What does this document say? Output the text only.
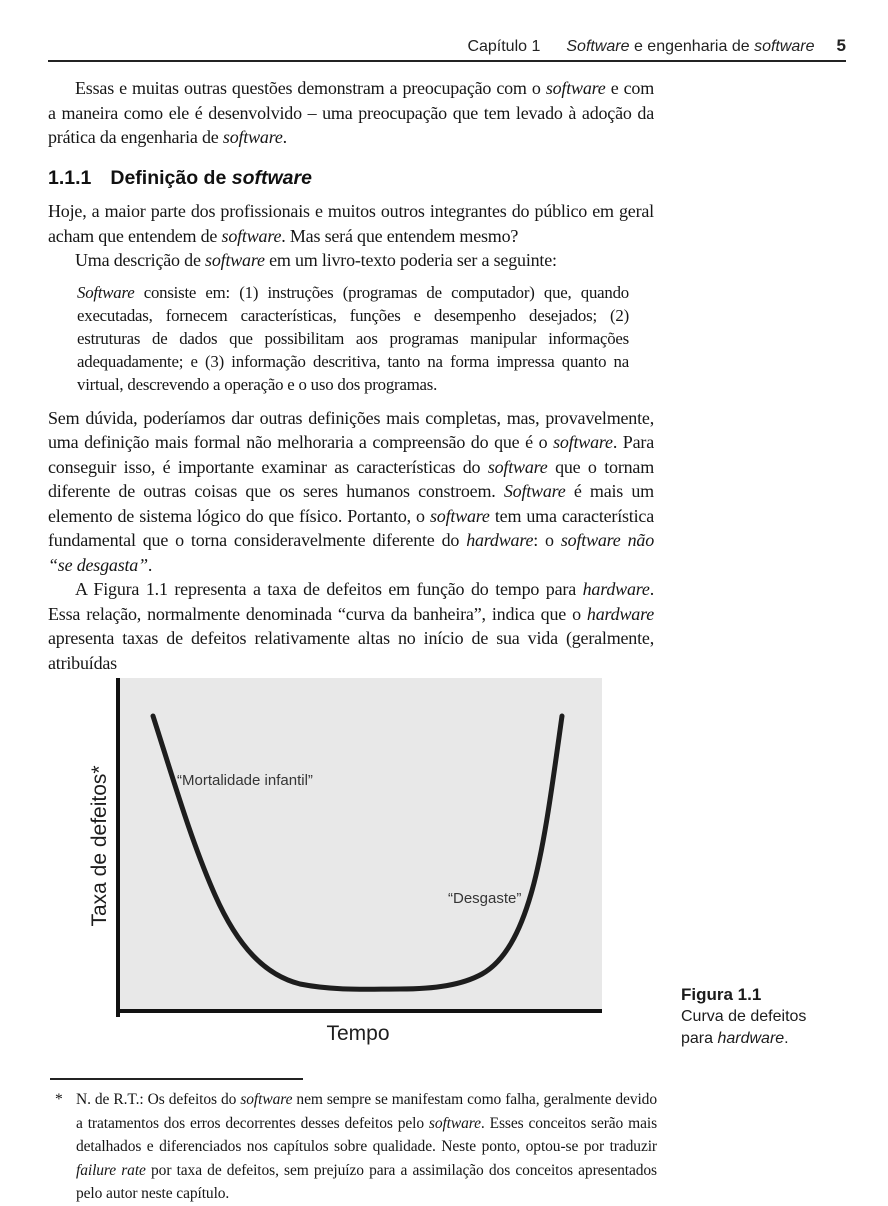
Capítulo 1 Software e engenharia de software 5

Essas e muitas outras questões demonstram a preocupação com o software e com a maneira como ele é desenvolvido – uma preocupação que tem levado à adoção da prática da engenharia de software.

1.1.1 Definição de software

Hoje, a maior parte dos profissionais e muitos outros integrantes do público em geral acham que entendem de software. Mas será que entendem mesmo?

Uma descrição de software em um livro-texto poderia ser a seguinte:

Software consiste em: (1) instruções (programas de computador) que, quando executadas, fornecem características, funções e desempenho desejados; (2) estruturas de dados que possibilitam aos programas manipular informações adequadamente; e (3) informação descritiva, tanto na forma impressa quanto na virtual, descrevendo a operação e o uso dos programas.

Sem dúvida, poderíamos dar outras definições mais completas, mas, provavelmente, uma definição mais formal não melhoraria a compreensão do que é o software. Para conseguir isso, é importante examinar as características do software que o tornam diferente de outras coisas que os seres humanos constroem. Software é mais um elemento de sistema lógico do que físico. Portanto, o software tem uma característica fundamental que o torna consideravelmente diferente do hardware: o software não “se desgasta”.

A Figura 1.1 representa a taxa de defeitos em função do tempo para hardware. Essa relação, normalmente denominada “curva da banheira”, indica que o hardware apresenta taxas de defeitos relativamente altas no início de sua vida (geralmente, atribuídas

Taxa de defeitos*
Tempo
“Mortalidade infantil”
“Desgaste”
Figura 1.1
Curva de defeitos para hardware.
* N. de R.T.: Os defeitos do software nem sempre se manifestam como falha, geralmente devido a tratamentos dos erros decorrentes desses defeitos pelo software. Esses conceitos serão mais detalhados e diferenciados nos capítulos sobre qualidade. Neste ponto, optou-se por traduzir failure rate por taxa de defeitos, sem prejuízo para a assimilação dos conceitos apresentados pelo autor neste capítulo.
